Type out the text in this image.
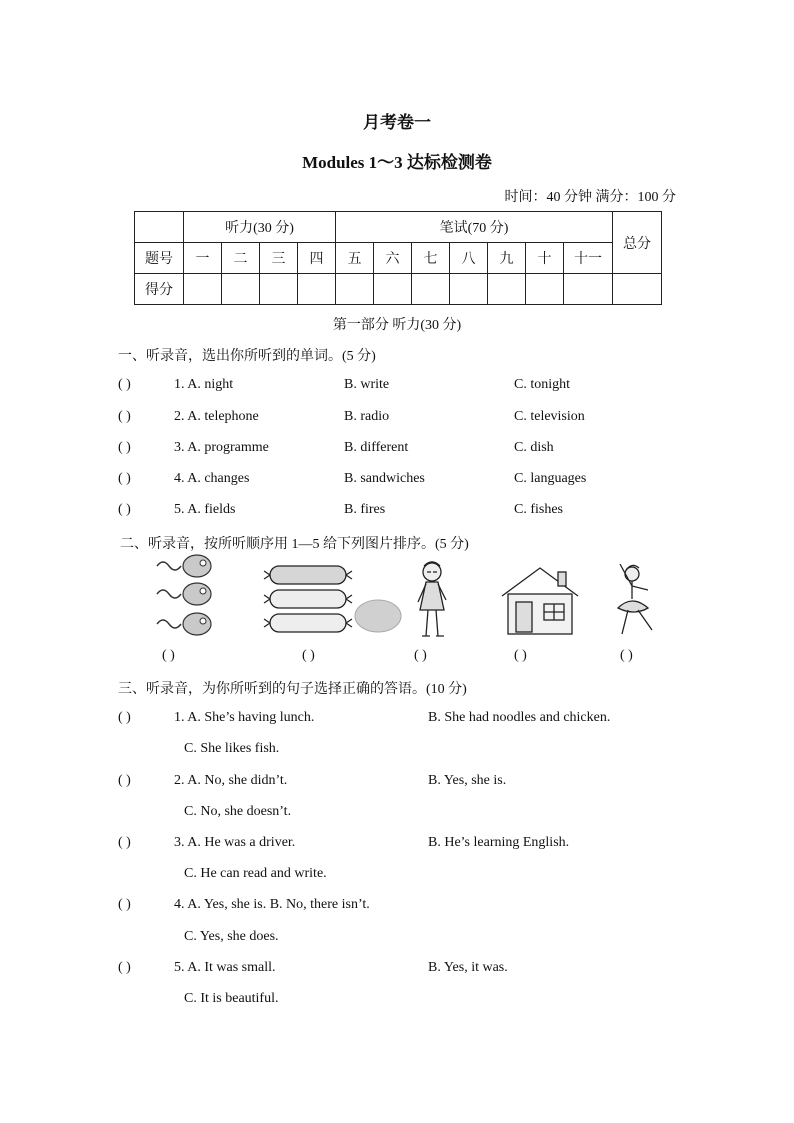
月考卷一
Modules 1～3 达标检测卷
时间：40 分钟 满分：100 分
	听力(30 分)				笔试(70 分)							总分
题号	一	二	三	四	五	六	七	八	九	十	十一	
得分												
第一部分 听力(30 分)
一、听录音，选出你所听到的单词。(5 分)
( )	1. A. night	B. write	C. tonight
( )	2. A. telephone	B. radio	C. television
( )	3. A. programme	B. different	C. dish
( )	4. A. changes	B. sandwiches	C. languages
( )	5. A. fields	B. fires	C. fishes
二、听录音，按所听顺序用 1—5 给下列图片排序。(5 分)
( )	( )	( )	( )	( )
三、听录音，为你所听到的句子选择正确的答语。(10 分)
( )	1. A. She’s having lunch.	B. She had noodles and chicken.
C. She likes fish.
( )	2. A. No, she didn’t.	B. Yes, she is.
C. No, she doesn’t.
( )	3. A. He was a driver.	B. He’s learning English.
C. He can read and write.
( )	4. A. Yes, she is. B. No, there isn’t.
C. Yes, she does.
( )	5. A. It was small.	B. Yes, it was.
C. It is beautiful.
